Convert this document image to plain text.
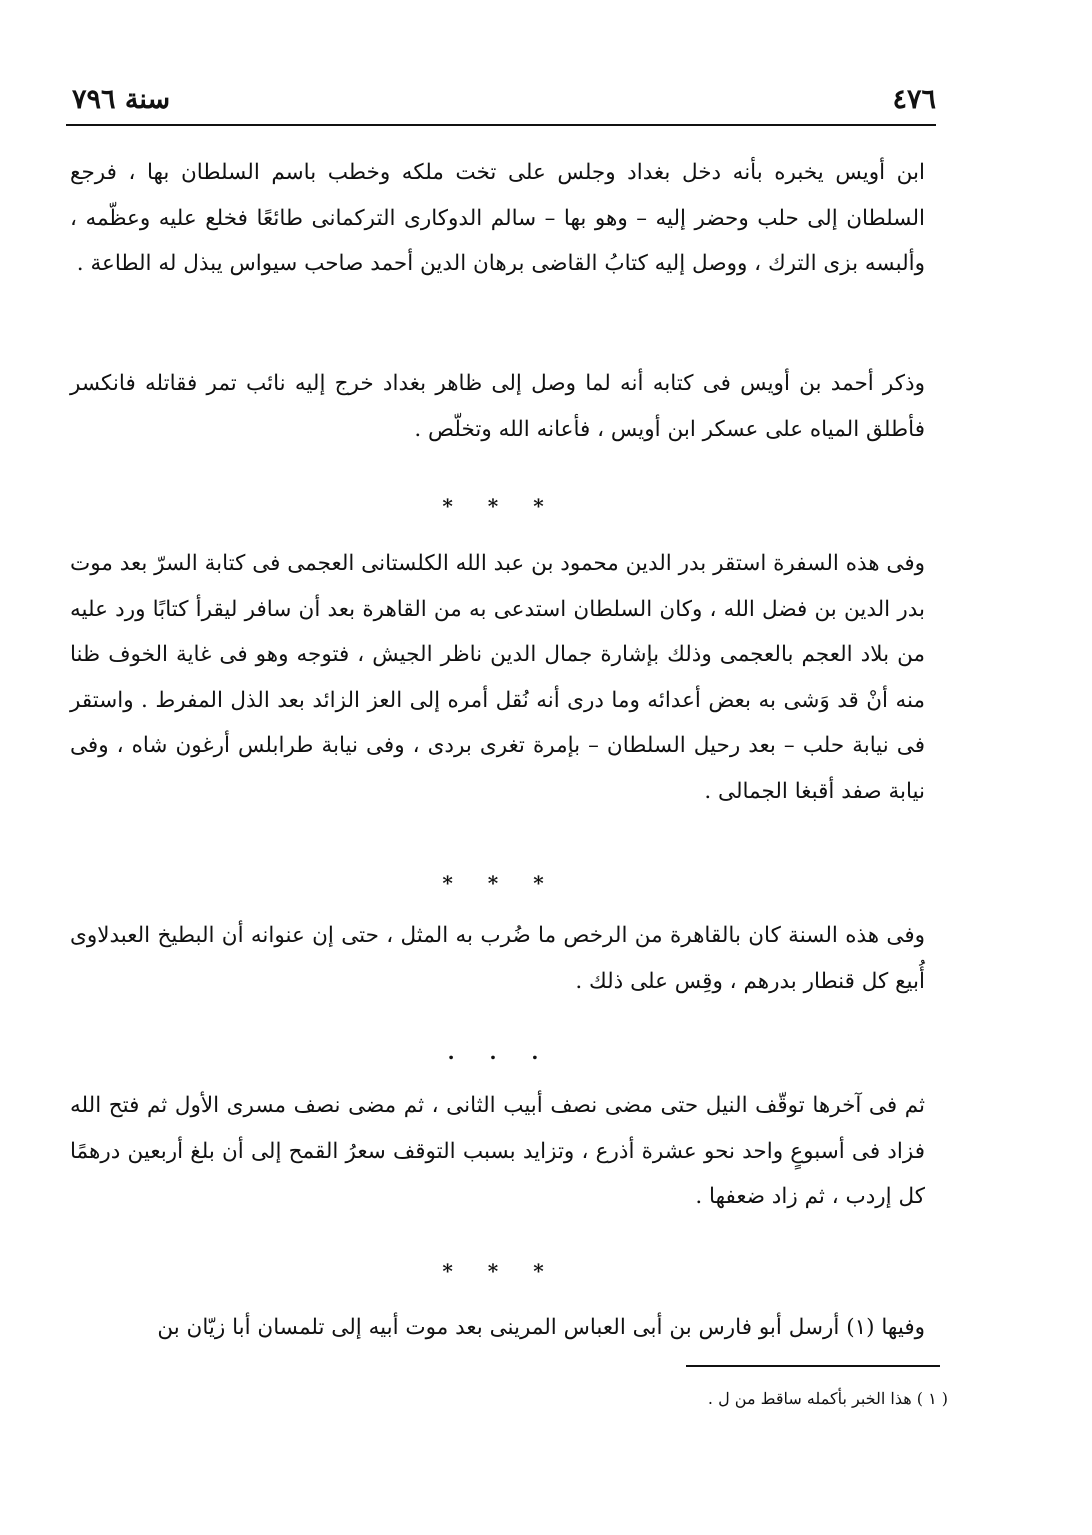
٤٧٦
سنة ٧٩٦

ابن أويس يخبره بأنه دخل بغداد وجلس على تخت ملكه وخطب باسم السلطان بها ، فرجع السلطان إلى حلب وحضر إليه – وهو بها – سالم الدوكارى التركمانى طائعًا فخلع عليه وعظّمه ، وألبسه بزى الترك ، ووصل إليه كتابُ القاضى برهان الدين أحمد صاحب سيواس يبذل له الطاعة .

وذكر أحمد بن أويس فى كتابه أنه لما وصل إلى ظاهر بغداد خرج إليه نائب تمر فقاتله فانكسر فأطلق المياه على عسكر ابن أويس ، فأعانه الله وتخلّص .

* * *

وفى هذه السفرة استقر بدر الدين محمود بن عبد الله الكلستانى العجمى فى كتابة السرّ بعد موت بدر الدين بن فضل الله ، وكان السلطان استدعى به من القاهرة بعد أن سافر ليقرأ كتابًا ورد عليه من بلاد العجم بالعجمى وذلك بإشارة جمال الدين ناظر الجيش ، فتوجه وهو فى غاية الخوف ظنا منه أنْ قد وَشى به بعض أعدائه وما درى أنه نُقل أمره إلى العز الزائد بعد الذل المفرط . واستقر فى نيابة حلب – بعد رحيل السلطان – بإمرة تغرى بردى ، وفى نيابة طرابلس أرغون شاه ، وفى نيابة صفد أقبغا الجمالى .

* * *

وفى هذه السنة كان بالقاهرة من الرخص ما ضُرب به المثل ، حتى إن عنوانه أن البطيخ العبدلاوى أُبيع كل قنطار بدرهم ، وقِس على ذلك .

. . .

ثم فى آخرها توقّف النيل حتى مضى نصف أبيب الثانى ، ثم مضى نصف مسرى الأول ثم فتح الله فزاد فى أسبوعٍ واحد نحو عشرة أذرع ، وتزايد بسبب التوقف سعرُ القمح إلى أن بلغ أربعين درهمًا كل إردب ، ثم زاد ضعفها .

* * *

وفيها (١) أرسل أبو فارس بن أبى العباس المرينى بعد موت أبيه إلى تلمسان أبا زيّان بن

( ١ ) هذا الخبر بأكمله ساقط من ل .
